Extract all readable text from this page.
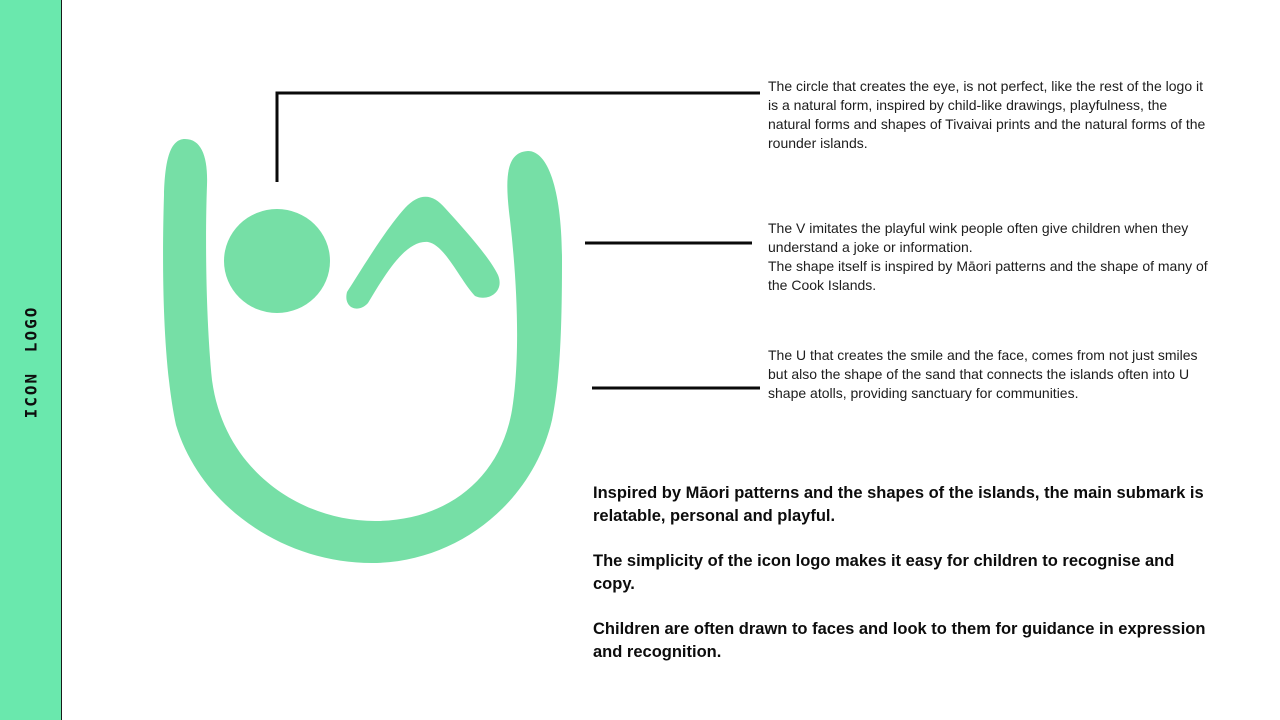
ICON LOGO

The circle that creates the eye, is not perfect, like the rest of the logo it is a natural form, inspired by child-like drawings, playfulness, the natural forms and shapes of Tivaivai prints and the natural forms of the rounder islands.

The V imitates the playful wink people often give children when they understand a joke or information.

The shape itself is inspired by Māori patterns and the shape of many of the Cook Islands.

The U that creates the smile and the face, comes from not just smiles but also the shape of the sand that connects the islands often into U shape atolls, providing sanctuary for communities.

Inspired by Māori patterns and the shapes of the islands, the main submark is relatable, personal and playful.

The simplicity of the icon logo makes it easy for children to recognise and copy.

Children are often drawn to faces and look to them for guidance in expression and recognition.
